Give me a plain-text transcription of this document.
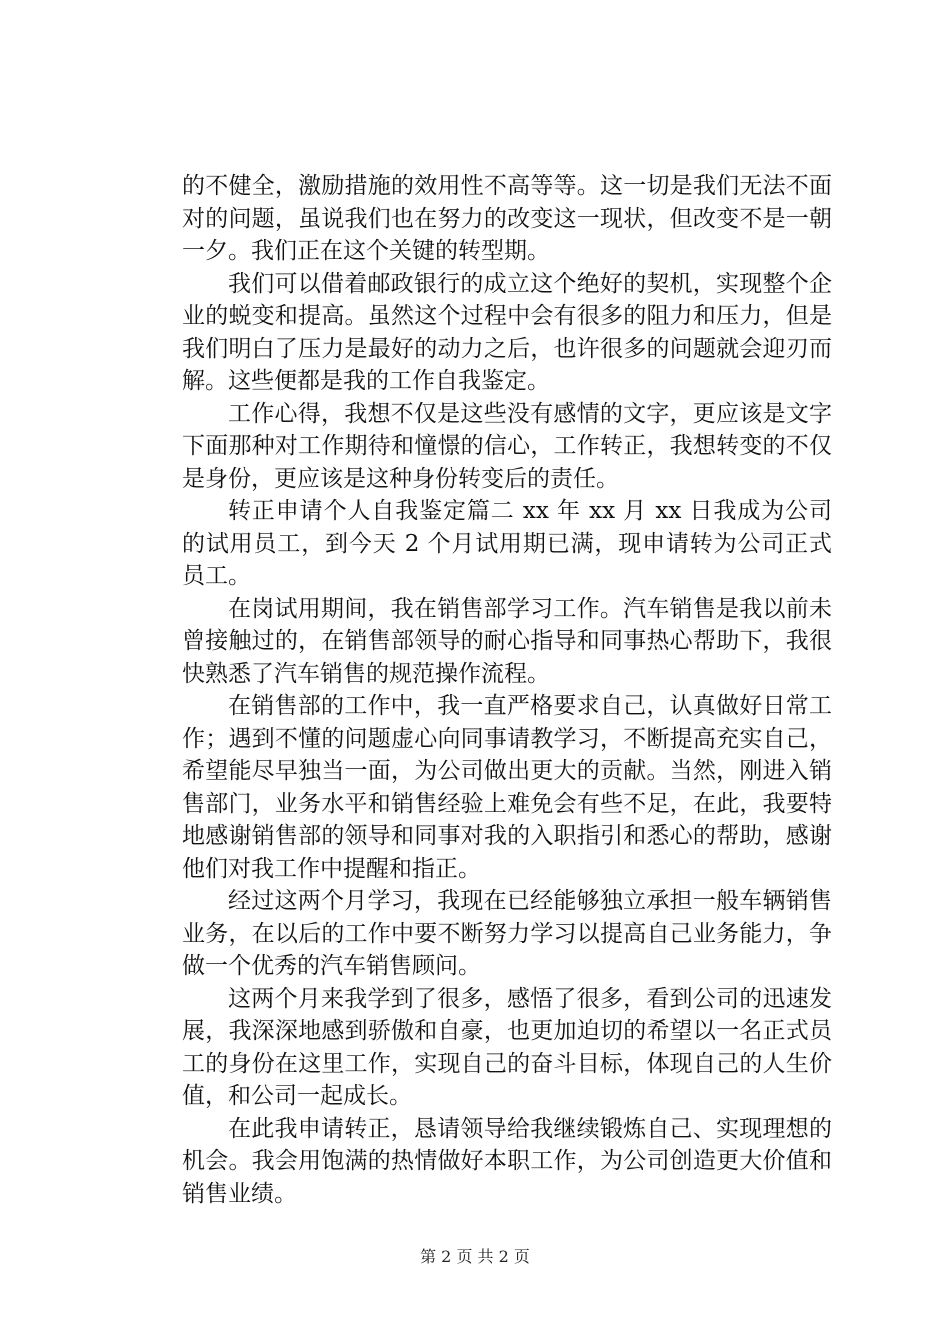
的不健全，激励措施的效用性不高等等。这一切是我们无法不面对的问题，虽说我们也在努力的改变这一现状，但改变不是一朝一夕。我们正在这个关键的转型期。

我们可以借着邮政银行的成立这个绝好的契机，实现整个企业的蜕变和提高。虽然这个过程中会有很多的阻力和压力，但是我们明白了压力是最好的动力之后，也许很多的问题就会迎刃而解。这些便都是我的工作自我鉴定。

工作心得，我想不仅是这些没有感情的文字，更应该是文字下面那种对工作期待和憧憬的信心，工作转正，我想转变的不仅是身份，更应该是这种身份转变后的责任。

转正申请个人自我鉴定篇二 xx 年 xx 月 xx 日我成为公司的试用员工，到今天 2 个月试用期已满，现申请转为公司正式员工。

在岗试用期间，我在销售部学习工作。汽车销售是我以前未曾接触过的，在销售部领导的耐心指导和同事热心帮助下，我很快熟悉了汽车销售的规范操作流程。

在销售部的工作中，我一直严格要求自己，认真做好日常工作；遇到不懂的问题虚心向同事请教学习，不断提高充实自己，希望能尽早独当一面，为公司做出更大的贡献。当然，刚进入销售部门，业务水平和销售经验上难免会有些不足，在此，我要特地感谢销售部的领导和同事对我的入职指引和悉心的帮助，感谢他们对我工作中提醒和指正。

经过这两个月学习，我现在已经能够独立承担一般车辆销售业务，在以后的工作中要不断努力学习以提高自己业务能力，争做一个优秀的汽车销售顾问。

这两个月来我学到了很多，感悟了很多，看到公司的迅速发展，我深深地感到骄傲和自豪，也更加迫切的希望以一名正式员工的身份在这里工作，实现自己的奋斗目标，体现自己的人生价值，和公司一起成长。

在此我申请转正，恳请领导给我继续锻炼自己、实现理想的机会。我会用饱满的热情做好本职工作，为公司创造更大价值和销售业绩。

第 2 页 共 2 页
